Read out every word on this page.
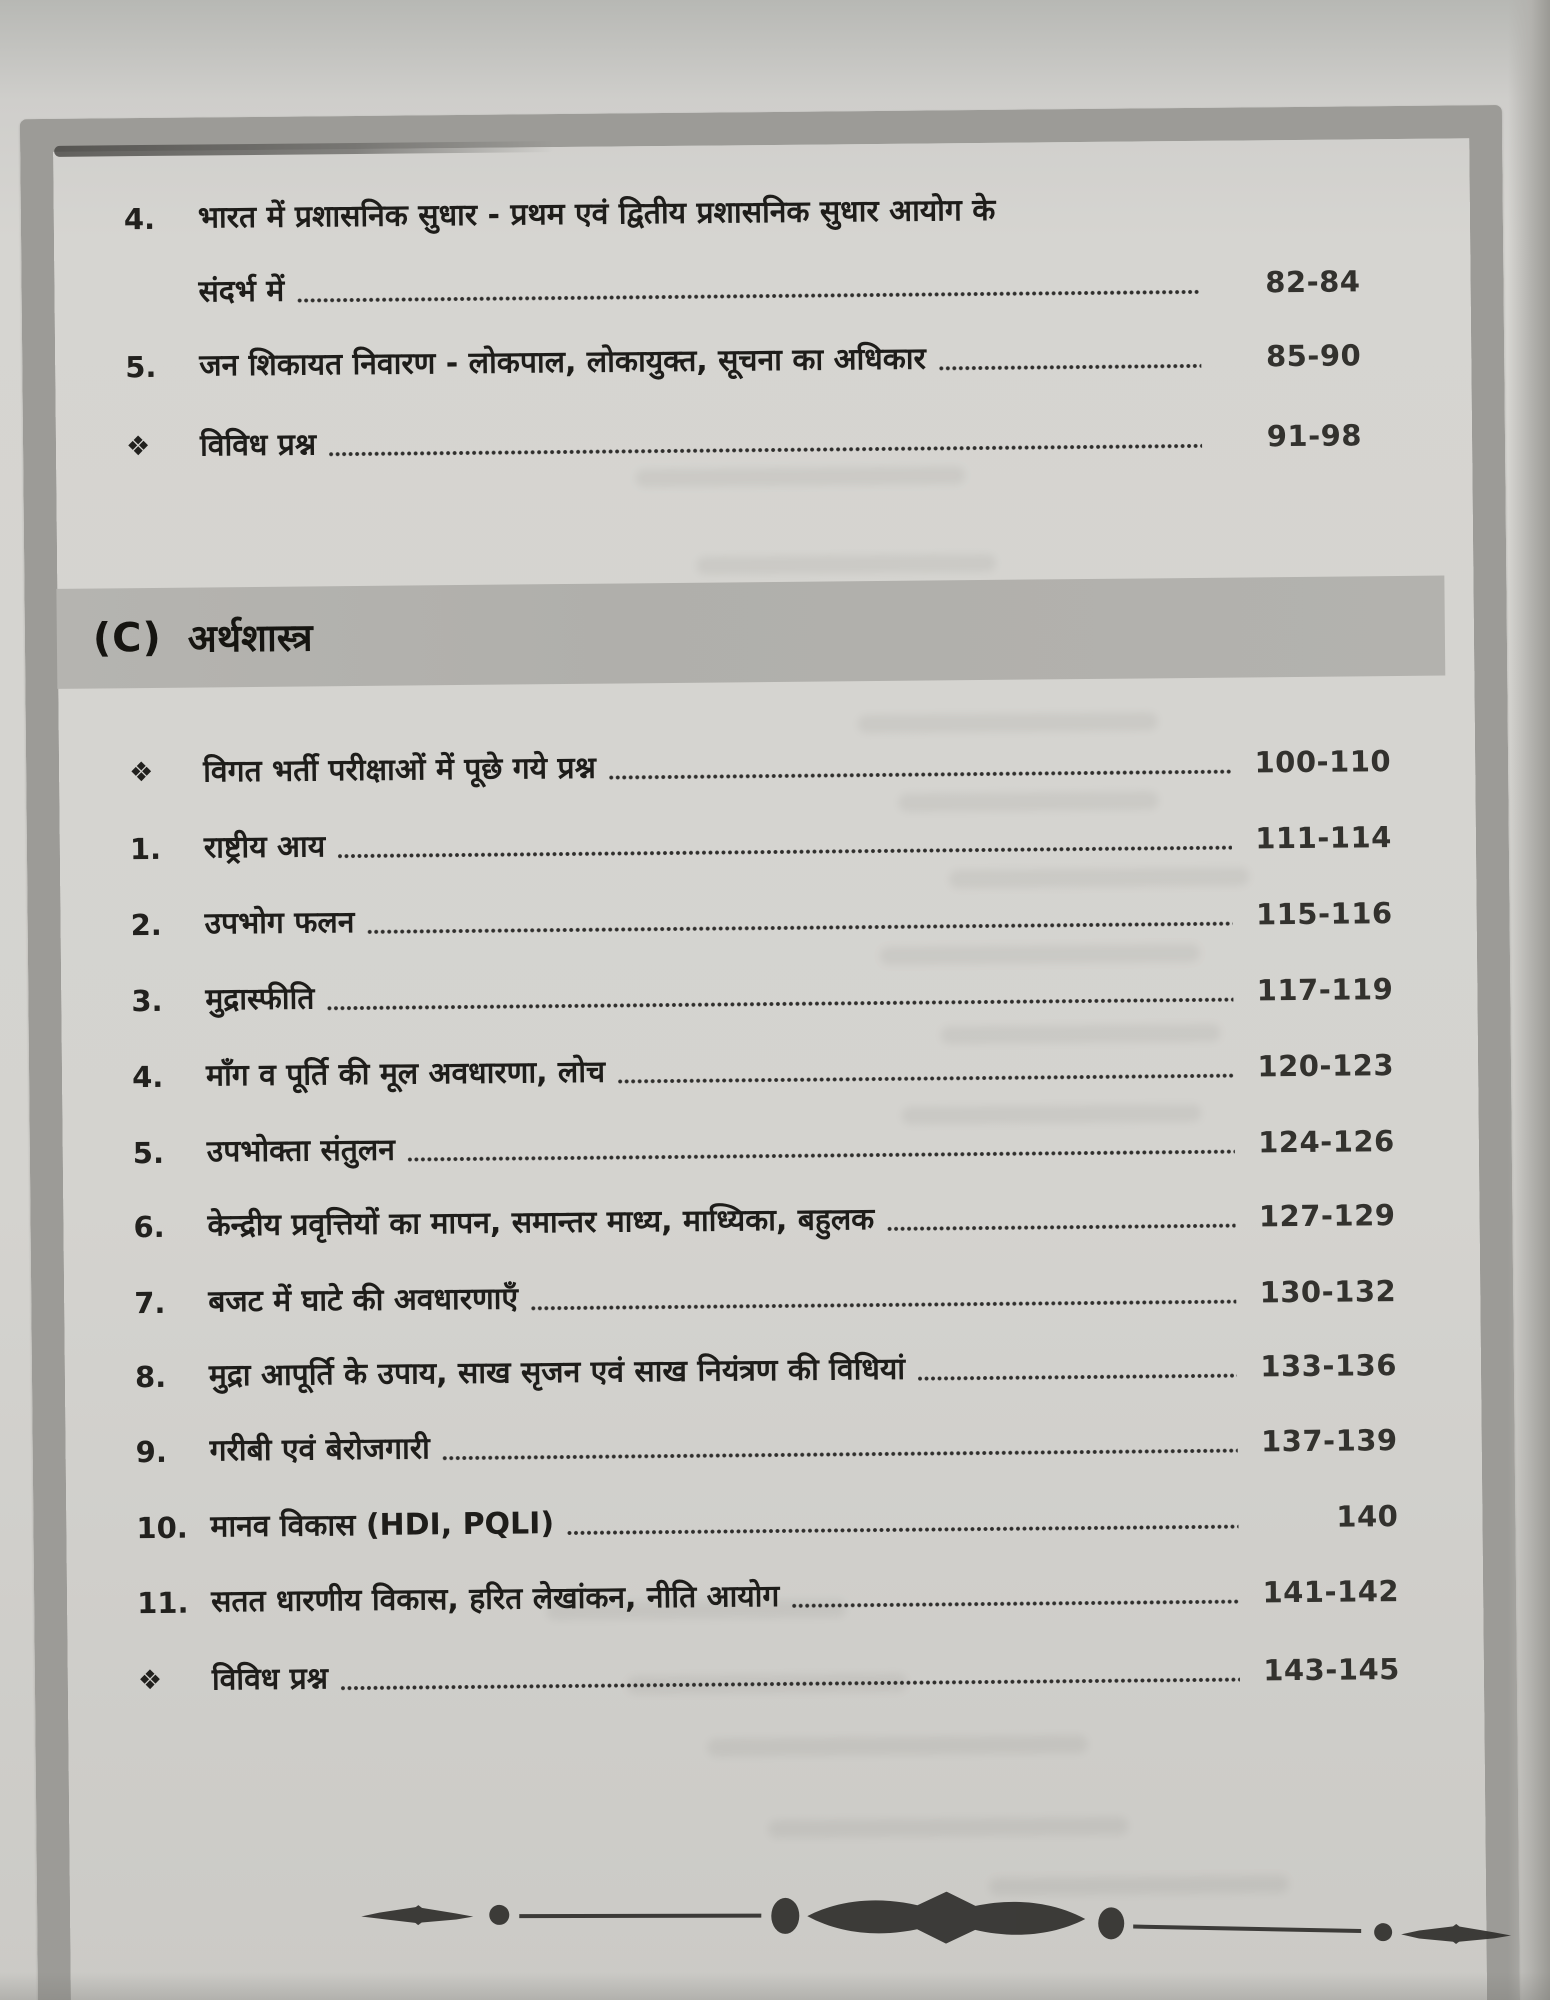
4.	भारत में प्रशासनिक सुधार - प्रथम एवं द्वितीय प्रशासनिक सुधार आयोग के
संदर्भ में	82-84
5.	जन शिकायत निवारण - लोकपाल, लोकायुक्त, सूचना का अधिकार	85-90
❖	विविध प्रश्न	91-98
(C) अर्थशास्त्र
❖	विगत भर्ती परीक्षाओं में पूछे गये प्रश्न	100-110
1.	राष्ट्रीय आय	111-114
2.	उपभोग फलन	115-116
3.	मुद्रास्फीति	117-119
4.	माँग व पूर्ति की मूल अवधारणा, लोच	120-123
5.	उपभोक्ता संतुलन	124-126
6.	केन्द्रीय प्रवृत्तियों का मापन, समान्तर माध्य, माध्यिका, बहुलक	127-129
7.	बजट में घाटे की अवधारणाएँ	130-132
8.	मुद्रा आपूर्ति के उपाय, साख सृजन एवं साख नियंत्रण की विधियां	133-136
9.	गरीबी एवं बेरोजगारी	137-139
10. मानव विकास (HDI, PQLI)	140
11. सतत धारणीय विकास, हरित लेखांकन, नीति आयोग	141-142
❖	विविध प्रश्न	143-145
